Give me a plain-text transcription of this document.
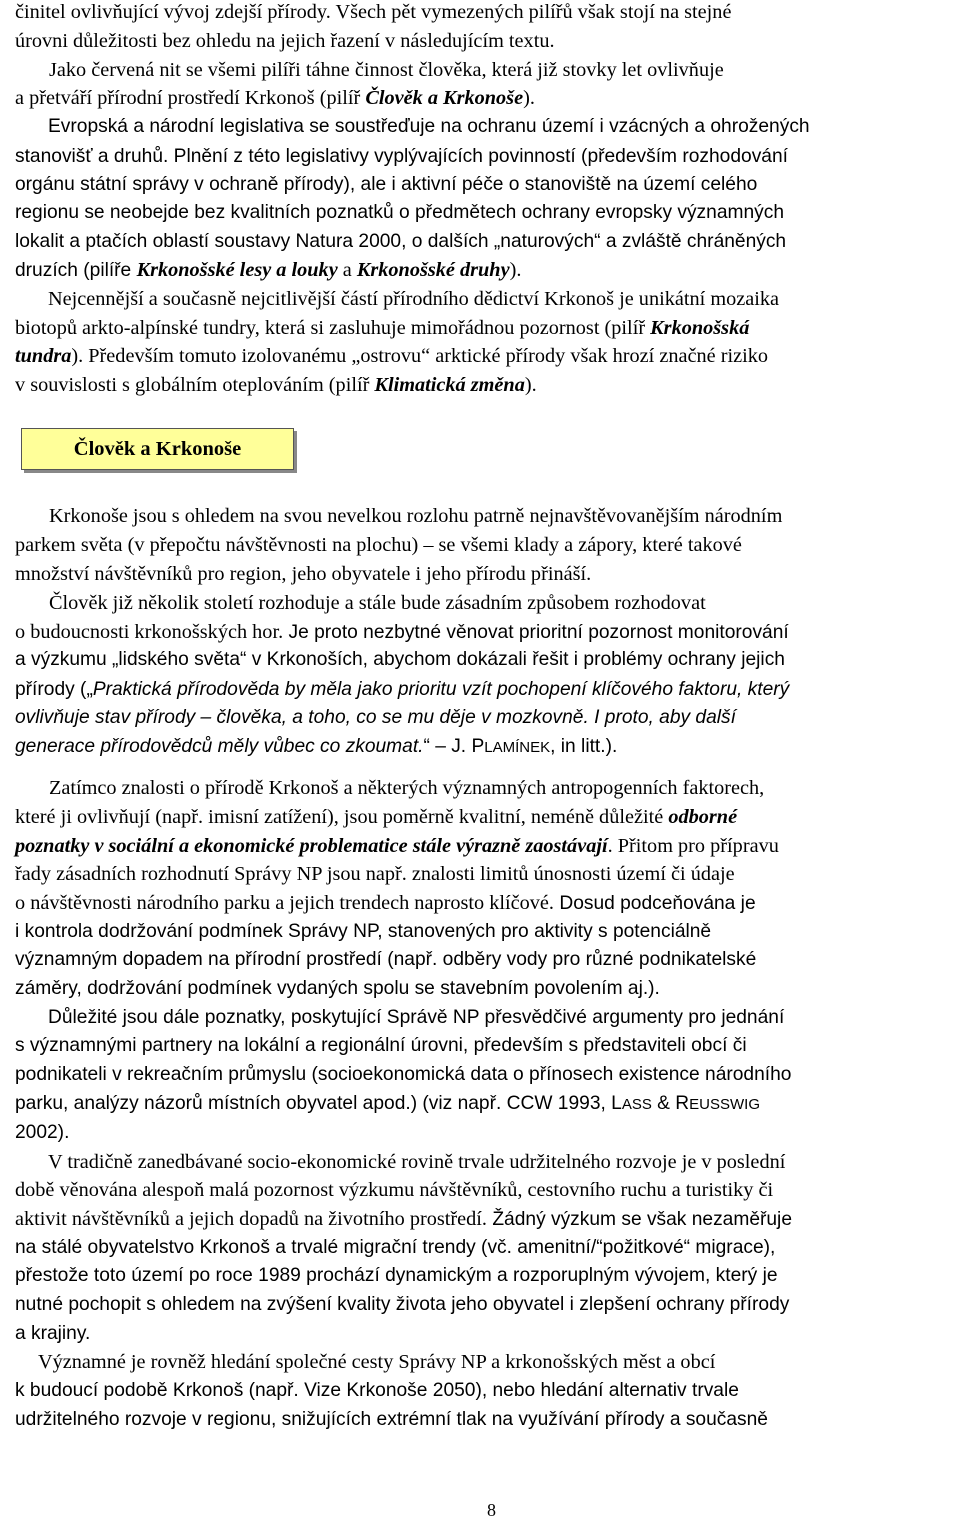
činitel ovlivňující vývoj zdejší přírody. Všech pět vymezených pilířů však stojí na stejné
úrovni důležitosti bez ohledu na jejich řazení v následujícím textu.
Jako červená nit se všemi pilíři táhne činnost člověka, která již stovky let ovlivňuje
a přetváří přírodní prostředí Krkonoš (pilíř Člověk a Krkonoše).
Evropská a národní legislativa se soustřeďuje na ochranu území i vzácných a ohrožených
stanovišť a druhů. Plnění z této legislativy vyplývajících povinností (především rozhodování
orgánu státní správy v ochraně přírody), ale i aktivní péče o stanoviště na území celého
regionu se neobejde bez kvalitních poznatků o předmětech ochrany evropsky významných
lokalit a ptačích oblastí soustavy Natura 2000, o dalších „naturových“ a zvláště chráněných
druzích (pilíře Krkonošské lesy a louky a Krkonošské druhy).
Nejcennější a současně nejcitlivější částí přírodního dědictví Krkonoš je unikátní mozaika
biotopů arkto-alpínské tundry, která si zasluhuje mimořádnou pozornost (pilíř Krkonošská
tundra). Především tomuto izolovanému „ostrovu“ arktické přírody však hrozí značné riziko
v souvislosti s globálním oteplováním (pilíř Klimatická změna).
Člověk a Krkonoše
Krkonoše jsou s ohledem na svou nevelkou rozlohu patrně nejnavštěvovanějším národním
parkem světa (v přepočtu návštěvnosti na plochu) – se všemi klady a zápory, které takové
množství návštěvníků pro region, jeho obyvatele i jeho přírodu přináší.
Člověk již několik století rozhoduje a stále bude zásadním způsobem rozhodovat
o budoucnosti krkonošských hor. Je proto nezbytné věnovat prioritní pozornost monitorování
a výzkumu „lidského světa“ v Krkonoších, abychom dokázali řešit i problémy ochrany jejich
přírody („Praktická přírodověda by měla jako prioritu vzít pochopení klíčového faktoru, který
ovlivňuje stav přírody – člověka, a toho, co se mu děje v mozkovně. I proto, aby další
generace přírodovědců měly vůbec co zkoumat.“ – J. PLAMÍNEK, in litt.).
Zatímco znalosti o přírodě Krkonoš a některých významných antropogenních faktorech,
které ji ovlivňují (např. imisní zatížení), jsou poměrně kvalitní, neméně důležité odborné
poznatky v sociální a ekonomické problematice stále výrazně zaostávají. Přitom pro přípravu
řady zásadních rozhodnutí Správy NP jsou např. znalosti limitů únosnosti území či údaje
o návštěvnosti národního parku a jejich trendech naprosto klíčové. Dosud podceňována je
i kontrola dodržování podmínek Správy NP, stanovených pro aktivity s potenciálně
významným dopadem na přírodní prostředí (např. odběry vody pro různé podnikatelské
záměry, dodržování podmínek vydaných spolu se stavebním povolením aj.).
Důležité jsou dále poznatky, poskytující Správě NP přesvědčivé argumenty pro jednání
s významnými partnery na lokální a regionální úrovni, především s představiteli obcí či
podnikateli v rekreačním průmyslu (socioekonomická data o přínosech existence národního
parku, analýzy názorů místních obyvatel apod.) (viz např. CCW 1993, LASS & REUSSWIG
2002).
V tradičně zanedbávané socio-ekonomické rovině trvale udržitelného rozvoje je v poslední
době věnována alespoň malá pozornost výzkumu návštěvníků, cestovního ruchu a turistiky či
aktivit návštěvníků a jejich dopadů na životního prostředí. Žádný výzkum se však nezaměřuje
na stálé obyvatelstvo Krkonoš a trvalé migrační trendy (vč. amenitní/“požitkové“ migrace),
přestože toto území po roce 1989 prochází dynamickým a rozporuplným vývojem, který je
nutné pochopit s ohledem na zvýšení kvality života jeho obyvatel i zlepšení ochrany přírody
a krajiny.
Významné je rovněž hledání společné cesty Správy NP a krkonošských měst a obcí
k budoucí podobě Krkonoš (např. Vize Krkonoše 2050), nebo hledání alternativ trvale
udržitelného rozvoje v regionu, snižujících extrémní tlak na využívání přírody a současně
8
